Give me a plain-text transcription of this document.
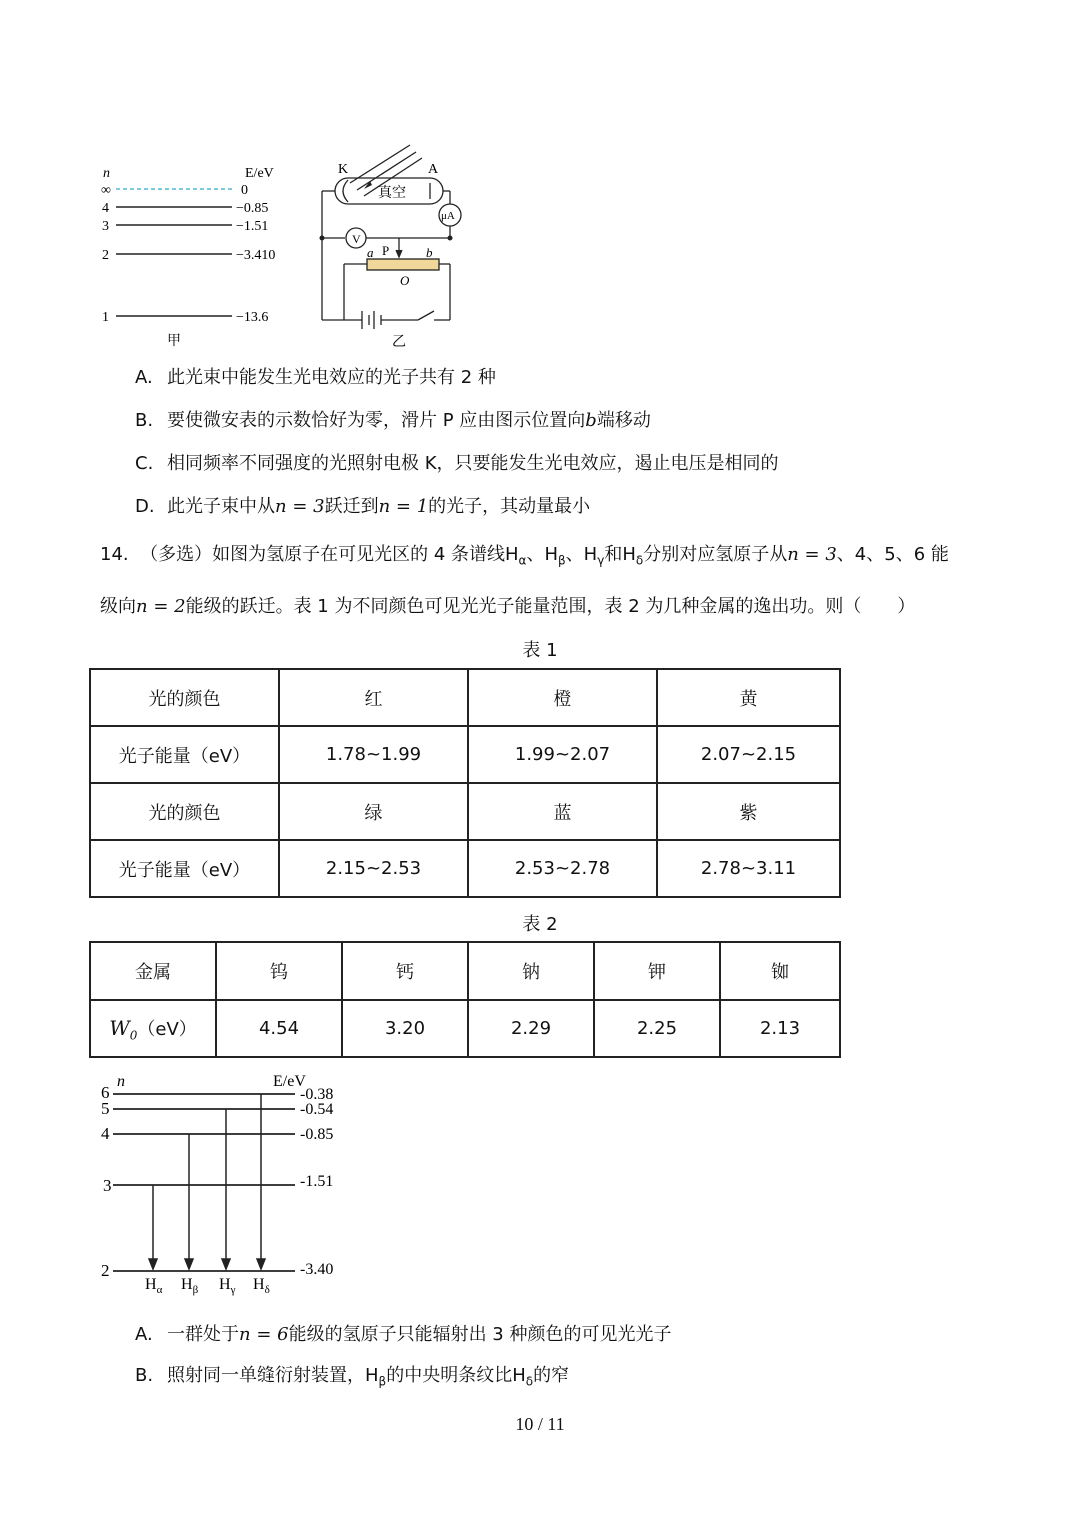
n	E/eV
∞
4
3
2
1
0
−0.85
−1.51
−3.410
−13.6
甲
K	A
真空
μA
V
a P	b
O
乙
A. 此光束中能发生光电效应的光子共有 2 种
B. 要使微安表的示数恰好为零，滑片 P 应由图示位置向b端移动
C. 相同频率不同强度的光照射电极 K，只要能发生光电效应，遏止电压是相同的
D. 此光子束中从n = 3跃迁到n = 1的光子，其动量最小
14. （多选）如图为氢原子在可见光区的 4 条谱线$H_\alpha$、$H_\beta$、$H_\gamma$和$H_\delta$分别对应氢原子从n = 3、4、5、6 能
级向n = 2能级的跃迁。表 1 为不同颜色可见光光子能量范围，表 2 为几种金属的逸出功。则（　　）
表 1
光的颜色	红	橙	黄
光子能量（eV）	1.78~1.99	1.99~2.07	2.07~2.15
光的颜色	绿	蓝	紫
光子能量（eV）	2.15~2.53	2.53~2.78	2.78~3.11
表 2
金属	钨	钙	钠	钾	铷
$W_0(eV)$	4.54	3.20	2.29	2.25	2.13
n	E/eV
6
5
4
3
2
-0.38
-0.54
-0.85
-1.51
-3.40
$H_\alpha$ $H_\beta$ $H_\gamma$ $H_\delta$
A. 一群处于n = 6能级的氢原子只能辐射出 3 种颜色的可见光光子
B. 照射同一单缝衍射装置，$H_\beta$的中央明条纹比$H_\delta$的窄
10 / 11
